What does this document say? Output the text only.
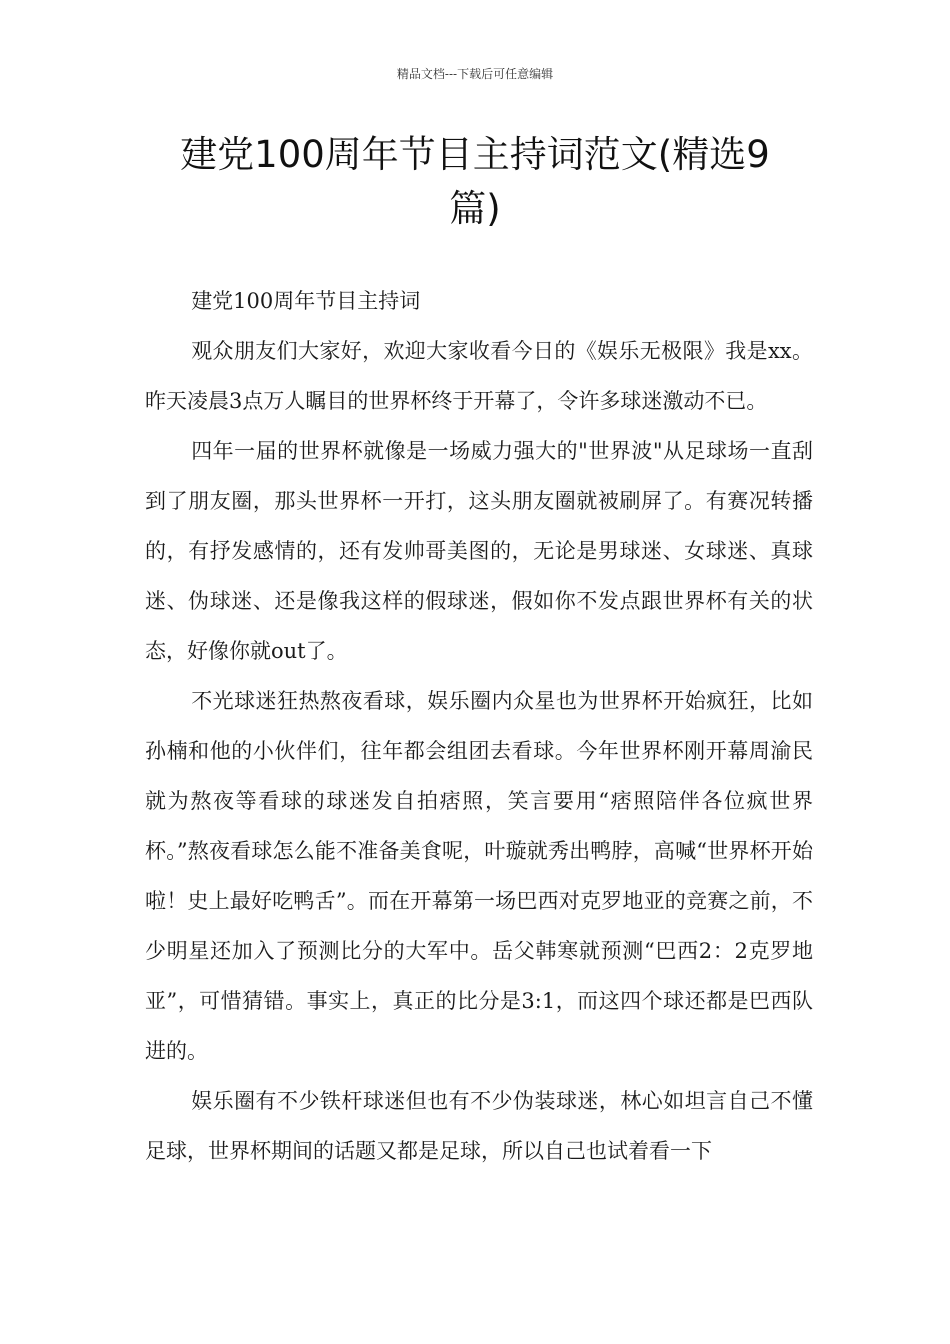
精品文档---下载后可任意编辑
建党100周年节目主持词范文(精选9
篇)

建党100周年节目主持词

观众朋友们大家好，欢迎大家收看今日的《娱乐无极限》我是xx。昨天凌晨3点万人瞩目的世界杯终于开幕了，令许多球迷激动不已。

四年一届的世界杯就像是一场威力强大的"世界波"从足球场一直刮到了朋友圈，那头世界杯一开打，这头朋友圈就被刷屏了。有赛况转播的，有抒发感情的，还有发帅哥美图的，无论是男球迷、女球迷、真球迷、伪球迷、还是像我这样的假球迷，假如你不发点跟世界杯有关的状态，好像你就out了。

不光球迷狂热熬夜看球，娱乐圈内众星也为世界杯开始疯狂，比如孙楠和他的小伙伴们，往年都会组团去看球。今年世界杯刚开幕周渝民就为熬夜等看球的球迷发自拍痞照，笑言要用“痞照陪伴各位疯世界杯。”熬夜看球怎么能不准备美食呢，叶璇就秀出鸭脖，高喊“世界杯开始啦！史上最好吃鸭舌”。而在开幕第一场巴西对克罗地亚的竞赛之前，不少明星还加入了预测比分的大军中。岳父韩寒就预测“巴西2：2克罗地亚”，可惜猜错。事实上，真正的比分是3:1，而这四个球还都是巴西队进的。

娱乐圈有不少铁杆球迷但也有不少伪装球迷，林心如坦言自己不懂足球，世界杯期间的话题又都是足球，所以自己也试着看一下
